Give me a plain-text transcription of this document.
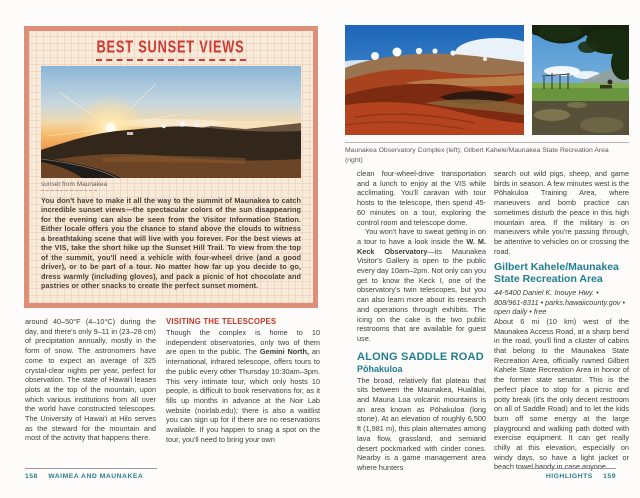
BEST SUNSET VIEWS
sunset from Maunakea

You don't have to make it all the way to the summit of Maunakea to catch incredible sunset views—the spectacular colors of the sun disappearing for the evening can also be seen from the Visitor Information Station. Either locale offers you the chance to stand above the clouds to witness a breathtaking scene that will live with you forever. For the best views at the VIS, take the short hike up the Sunset Hill Trail. To view from the top of the summit, you'll need a vehicle with four-wheel drive (and a good driver), or to be part of a tour. No matter how far up you decide to go, dress warmly (including gloves), and pack a picnic of hot chocolate and pastries or other snacks to create the perfect sunset moment.

around 40–50°F (4–10°C) during the day, and there's only 9–11 in (23–28 cm) of precipitation annually, mostly in the form of snow. The astronomers have come to expect an average of 325 crystal-clear nights per year, perfect for observation. The state of Hawai'i leases plots at the top of the mountain, upon which various institutions from all over the world have constructed telescopes. The University of Hawai'i at Hilo serves as the steward for the mountain and most of the activity that happens there.

VISITING THE TELESCOPES

Though the complex is home to 10 independent observatories, only two of them are open to the public. The Gemini North, an international, infrared telescope, offers tours to the public every other Thursday 10:30am–3pm. This very intimate tour, which only hosts 10 people, is difficult to book reservations for, as it fills up months in advance at the Noir Lab website (noirlab.edu); there is also a waitlist you can sign up for if there are no reservations available. If you happen to snag a spot on the tour, you'll need to bring your own

158 WAIMEA AND MAUNAKEA
Maunakea Observatory Complex (left); Gilbert Kahele/Maunakea State Recreation Area (right)

clean four-wheel-drive transportation and a lunch to enjoy at the VIS while acclimating. You'll caravan with tour hosts to the telescope, then spend 45-60 minutes on a tour, exploring the control room and telescope dome.

You won't have to sweat getting in on a tour to have a look inside the W. M. Keck Observatory—its Maunakea Visitor's Gallery is open to the public every day 10am–2pm. Not only can you get to know the Keck I, one of the observatory's twin telescopes, but you can also learn more about its research and operations through exhibits. The icing on the cake is the two public restrooms that are available for guest use.

ALONG SADDLE ROAD
Pōhakuloa

The broad, relatively flat plateau that sits between the Maunakea, Hualālai, and Mauna Loa volcanic mountains is an area known as Pōhakuloa (long stone). At an elevation of roughly 6,500 ft (1,981 m), this plain alternates among lava flow, grassland, and semiarid desert pockmarked with cinder cones. Nearby is a game management area where hunters

search out wild pigs, sheep, and game birds in season. A few minutes west is the Pōhakuloa Training Area, where maneuvers and bomb practice can sometimes disturb the peace in this high mountain area. If the military is on maneuvers while you're passing through, be attentive to vehicles on or crossing the road.

Gilbert Kahele/Maunakea State Recreation Area

44-5400 Daniel K. Inouye Hwy. • 808/961-8311 • parks.hawaiicounty.gov • open daily • free

About 6 mi (10 km) west of the Maunakea Access Road, at a sharp bend in the road, you'll find a cluster of cabins that belong to the Maunakea State Recreation Area, officially named Gilbert Kahele State Recreation Area in honor of the former state senator. This is the perfect place to stop for a picnic and potty break (it's the only decent restroom on all of Saddle Road) and to let the kids burn off some energy at the large playground and walking path dotted with exercise equipment. It can get really chilly at this elevation, especially on windy days, so have a light jacket or beach towel handy in case anyone

HIGHLIGHTS 159
